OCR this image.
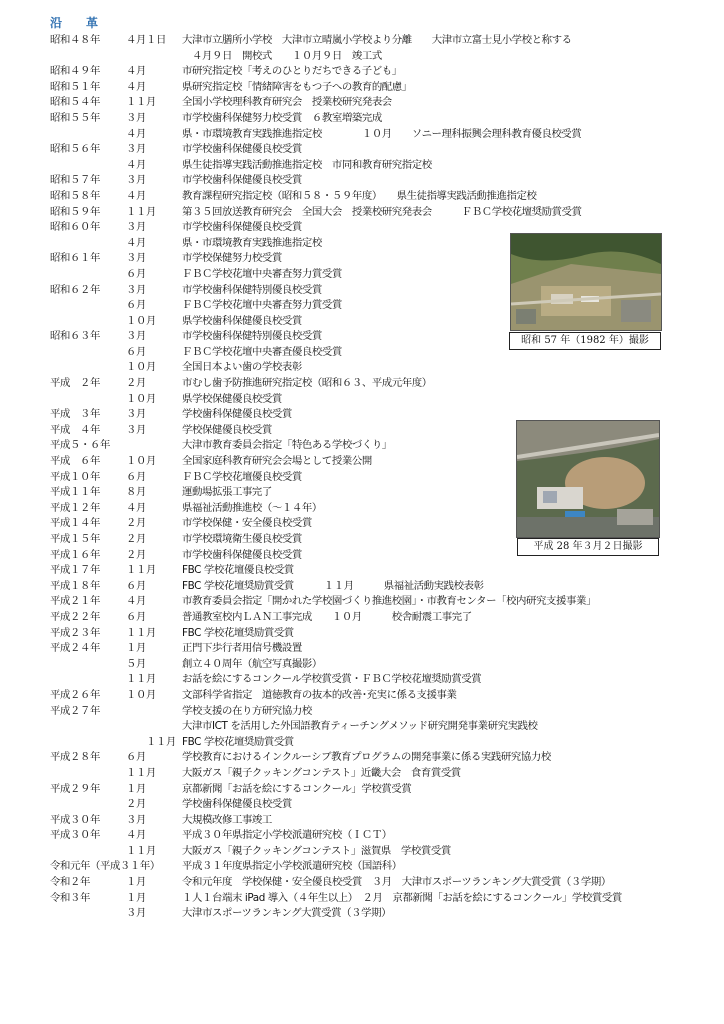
沿　革
昭和４８年	４月１日 大津市立膳所小学校　大津市立晴嵐小学校より分離　　大津市立富士見小学校と称する
　４月９日　開校式　　１０月９日　竣工式
昭和４９年	４月	市研究指定校「考えのひとりだちできる子ども」
昭和５１年	４月	県研究指定校「情緒障害をもつ子への教育的配慮」
昭和５４年	１１月	全国小学校理科教育研究会　授業校研究発表会
昭和５５年	３月	市学校歯科保健努力校受賞　６教室増築完成
４月	県・市環境教育実践推進指定校　　　　１０月　　ソニー理科振興会理科教育優良校受賞
昭和５６年	３月	市学校歯科保健優良校受賞
４月	県生徒指導実践活動推進指定校　市同和教育研究指定校
昭和５７年	３月	市学校歯科保健優良校受賞
昭和５８年	４月	教育課程研究指定校（昭和５８・５９年度）　　県生徒指導実践活動推進指定校
昭和５９年	１１月	第３５回放送教育研究会　全国大会　授業校研究発表会　　　ＦＢＣ学校花壇奨励賞受賞
昭和６０年	３月	市学校歯科保健優良校受賞
４月	県・市環境教育実践推進指定校
昭和６１年	３月	市学校保健努力校受賞
６月	ＦＢＣ学校花壇中央審査努力賞受賞
昭和６２年	３月	市学校歯科保健特別優良校受賞
６月	ＦＢＣ学校花壇中央審査努力賞受賞
１０月	県学校歯科保健優良校受賞
昭和６３年	３月	市学校歯科保健特別優良校受賞
６月	ＦＢＣ学校花壇中央審査優良校受賞
１０月	全国日本よい歯の学校表彰
平成　２年	２月	市むし歯予防推進研究指定校（昭和６３、平成元年度）
１０月	県学校保健優良校受賞
平成　３年	３月	学校歯科保健優良校受賞
平成　４年	３月	学校保健優良校受賞
平成５・６年	大津市教育委員会指定「特色ある学校づくり」
平成　６年	１０月	全国家庭科教育研究会会場として授業公開
平成１０年	６月	ＦＢＣ学校花壇優良校受賞
平成１１年	８月	運動場拡張工事完了
平成１２年	４月	県福祉活動推進校（～１４年）
平成１４年	２月	市学校保健・安全優良校受賞
平成１５年	２月	市学校環境衛生優良校受賞
平成１６年	２月	市学校歯科保健優良校受賞
平成１７年	１１月	FBC 学校花壇優良校受賞
平成１８年	６月	FBC 学校花壇奨励賞受賞　　　１１月　　　県福祉活動実践校表彰
平成２１年	４月	市教育委員会指定「開かれた学校園づくり推進校園」・市教育センター「校内研究支援事業」
平成２２年	６月	普通教室校内ＬＡＮ工事完成　　１０月　　　校舎耐震工事完了
平成２３年	１１月	FBC 学校花壇奨励賞受賞
平成２４年	１月	正門下歩行者用信号機設置
５月	創立４０周年（航空写真撮影）
１１月	お話を絵にするコンクール学校賞受賞・ＦＢＣ学校花壇奨励賞受賞
平成２６年	１０月	文部科学省指定　道徳教育の抜本的改善･充実に係る支援事業
平成２７年	学校支援の在り方研究協力校
大津市ICT を活用した外国語教育ティーチングメソッド研究開発事業研究実践校
　　１１月 FBC 学校花壇奨励賞受賞
平成２８年	６月	学校教育におけるインクルーシブ教育プログラムの開発事業に係る実践研究協力校
１１月	大阪ガス「親子クッキングコンテスト」近畿大会　食育賞受賞
平成２９年	１月	京都新聞「お話を絵にするコンクール」学校賞受賞
２月	学校歯科保健優良校受賞
平成３０年	３月	大規模改修工事竣工
平成３０年	４月	平成３０年県指定小学校派遣研究校（ＩＣＴ）
１１月	大阪ガス「親子クッキングコンテスト」滋賀県　学校賞受賞
令和元年（平成３１年） 平成３１年度県指定小学校派遣研究校（国語科）
令和２年	１月	令和元年度　学校保健・安全優良校受賞　３月　大津市スポーツランキング大賞受賞（３学期）
令和３年	１月	１人１台端末 iPad 導入（４年生以上）　２月　京都新聞「お話を絵にするコンクール」学校賞受賞
３月	大津市スポーツランキング大賞受賞（３学期）
昭和 57 年（1982 年）撮影
平成 28 年３月２日撮影
